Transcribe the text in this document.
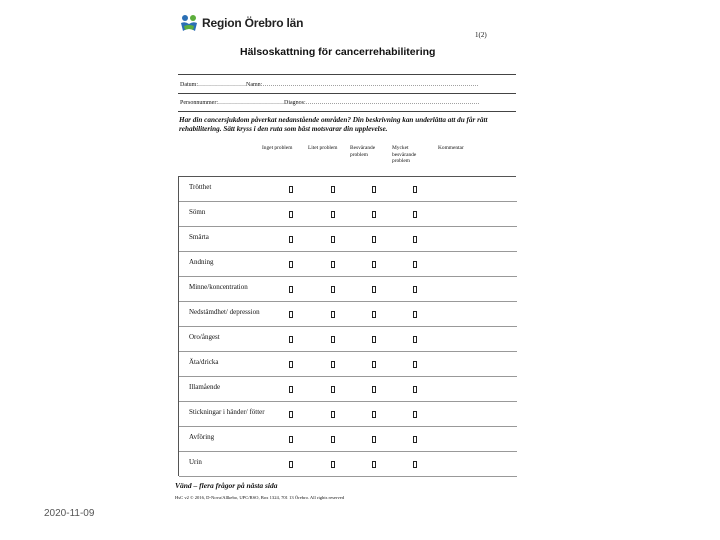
Region Örebro län
1(2)
Hälsoskattning för cancerrehabilitering
Datum:……………………Namn:………………………………………………………………………………………………
Personnummer:……………………………Diagnos:……………………………………………………………………………
Har din cancersjukdom påverkat nedanstående områden? Din beskrivning kan underlätta att du får rätt rehabilitering. Sätt kryss i den ruta som bäst motsvarar din upplevelse.
Inget problem	Litet problem	Besvärande problem
Mycket besvärande problem
Kommentar
Trötthet
Sömn
Smärta
Andning
Minne/koncentration
Nedstämdhet/ depression
Oro/ångest
Äta/dricka
Illamående
Stickningar i händer/ fötter
Avföring
Urin
Vänd – flera frågor på nästa sida
HsC v2 © 2016, D-Nova/Allkebo, UPC/RSO, Box 1324, 701 13 Örebro. All rights reserved
2020-11-09
